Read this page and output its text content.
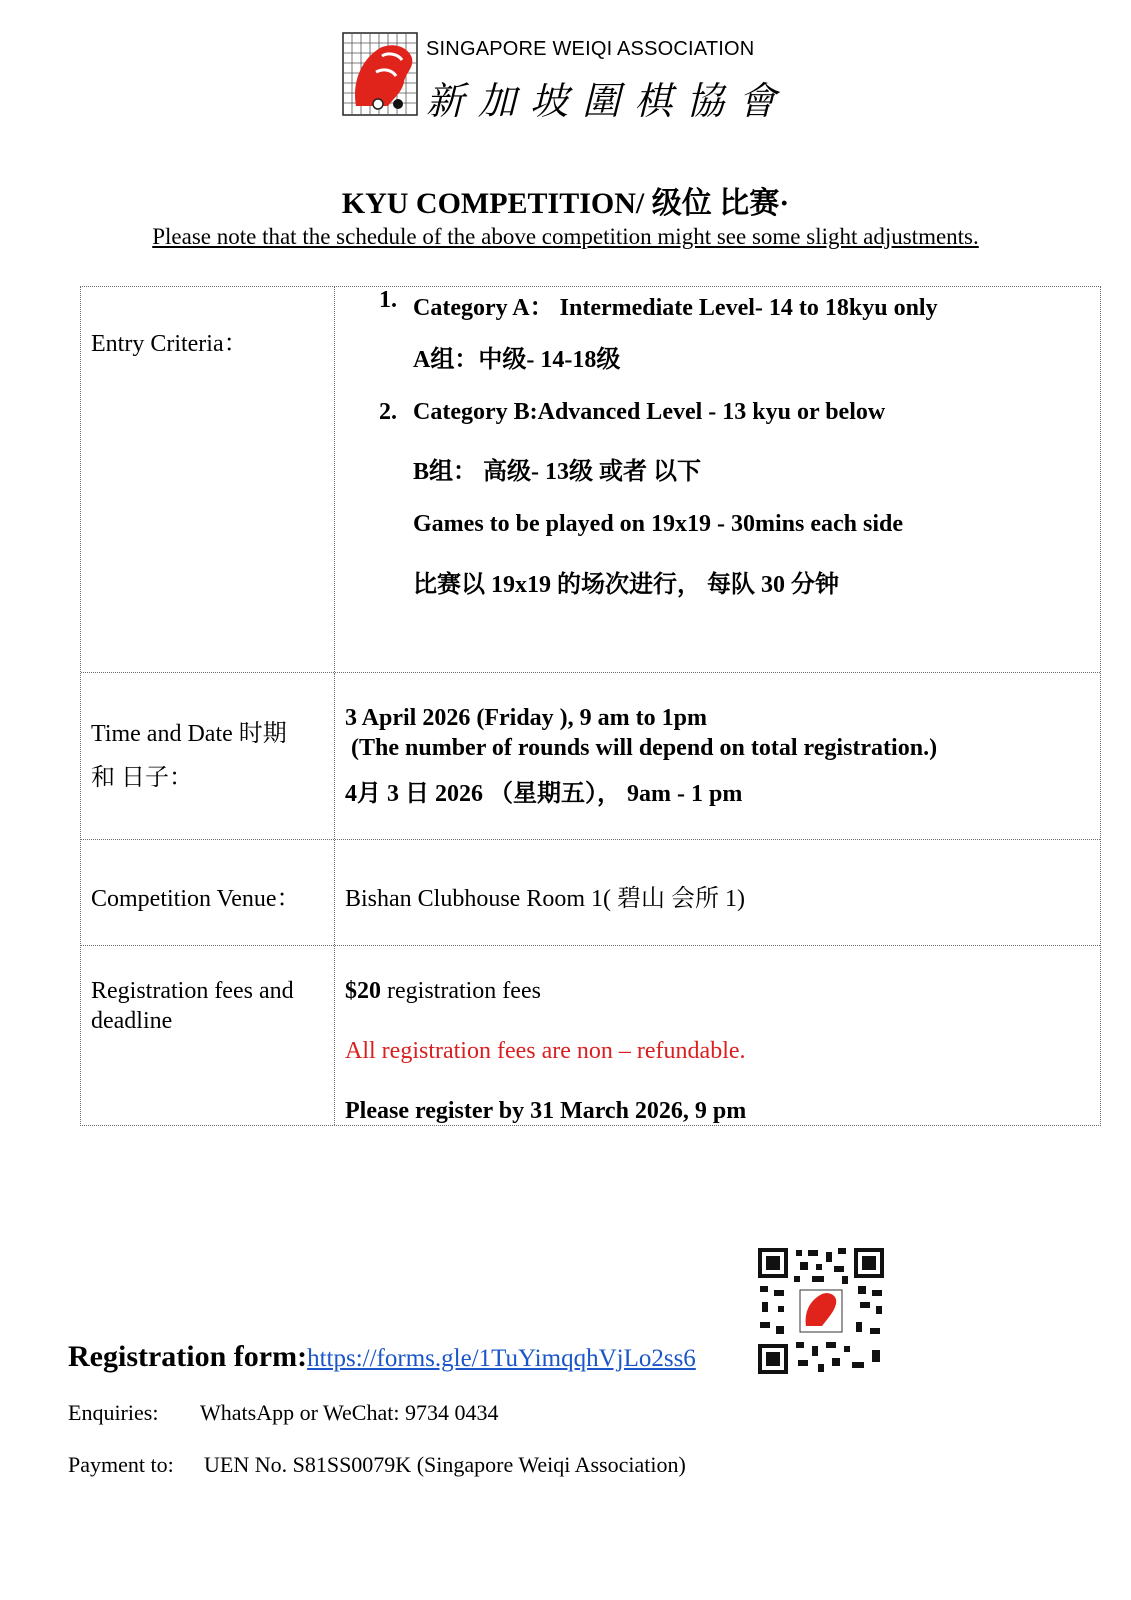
SINGAPORE WEIQI ASSOCIATION
新加坡圍棋協會
KYU COMPETITION/ 级位 比赛·
Please note that the schedule of the above competition might see some slight adjustments.
Entry Criteria：
1. Category A： Intermediate Level- 14 to 18kyu only
A组：中级- 14-18级
2. Category B:Advanced Level - 13 kyu or below
B组： 高级- 13级 或者 以下
Games to be played on 19x19 - 30mins each side
比赛以 19x19 的场次进行， 每队 30 分钟
Time and Date 时期
和 日子：
3 April 2026 (Friday ), 9 am to 1pm
(The number of rounds will depend on total registration.)
4月 3 日 2026 （星期五）， 9am - 1 pm
Competition Venue： Bishan Clubhouse Room 1( 碧山 会所 1)
Registration fees and
deadline
$20 registration fees
All registration fees are non – refundable.
Please register by 31 March 2026, 9 pm
Registration form:https://forms.gle/1TuYimqqhVjLo2ss6
Enquiries: WhatsApp or WeChat: 9734 0434
Payment to: UEN No. S81SS0079K (Singapore Weiqi Association)
